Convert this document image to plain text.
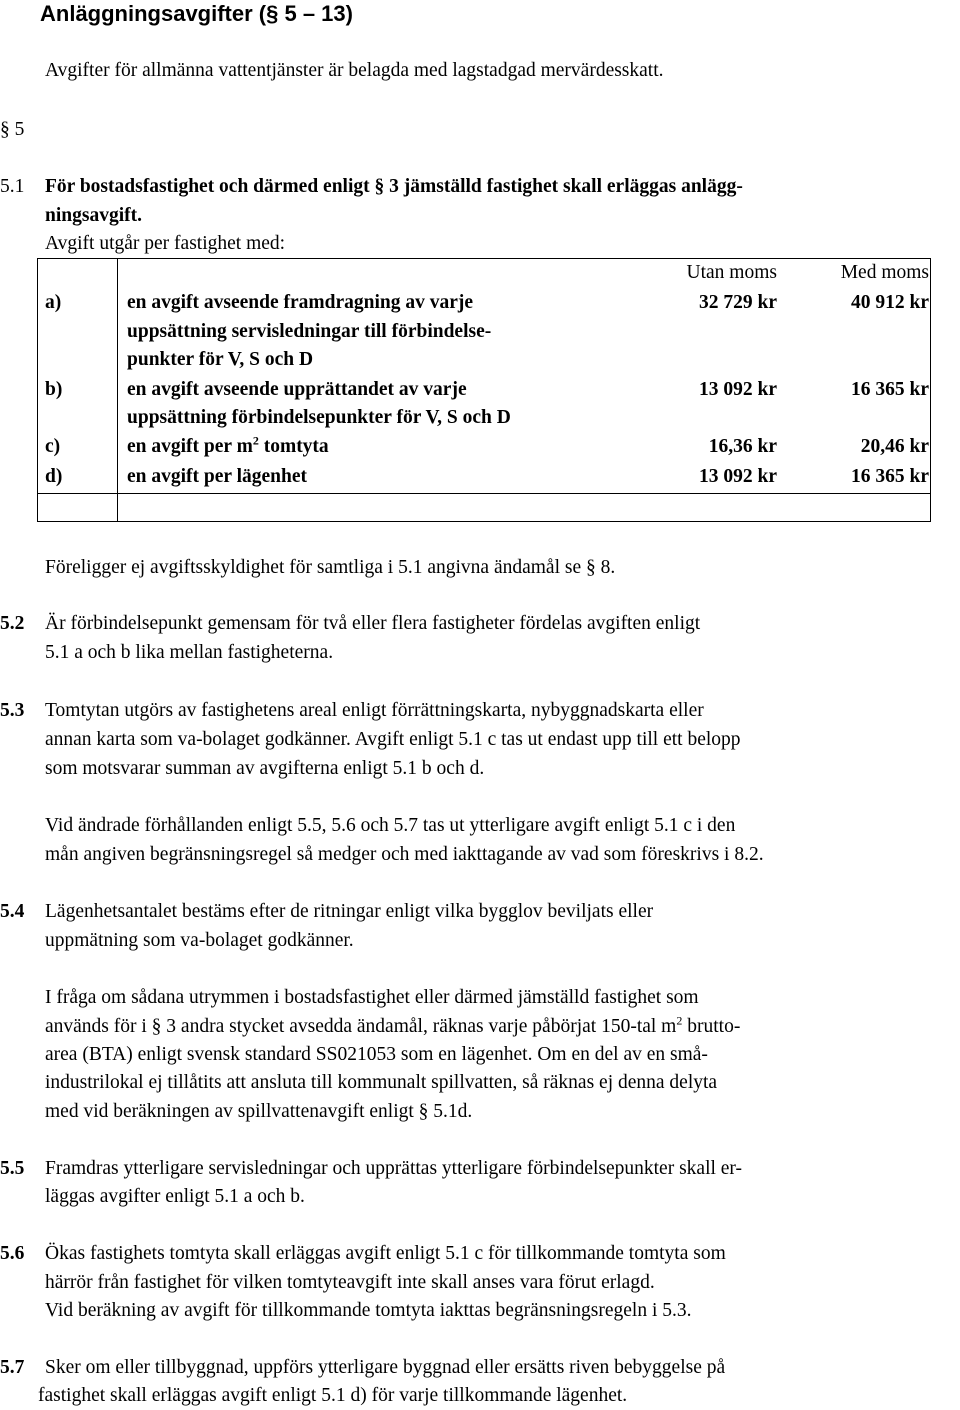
Anläggningsavgifter (§ 5 – 13)
Avgifter för allmänna vattentjänster är belagda med lagstadgad mervärdesskatt.
§ 5
5.1 För bostadsfastighet och därmed enligt § 3 jämställd fastighet skall erläggas anlägg-
ningsavgift.
Avgift utgår per fastighet med:
Utan moms	Med moms
a)	en avgift avseende framdragning av varje
uppsättning servisledningar till förbindelse-
punkter för V, S och D
32 729 kr	40 912 kr
b)	en avgift avseende upprättandet av varje
uppsättning förbindelsepunkter för V, S och D
13 092 kr	16 365 kr
c)	en avgift per $m^2$ tomtyta	16,36 kr	20,46 kr
d)	en avgift per lägenhet	13 092 kr	16 365 kr
Föreligger ej avgiftsskyldighet för samtliga i 5.1 angivna ändamål se § 8.
5.2 Är förbindelsepunkt gemensam för två eller flera fastigheter fördelas avgiften enligt
5.1 a och b lika mellan fastigheterna.
5.3 Tomtytan utgörs av fastighetens areal enligt förrättningskarta, nybyggnadskarta eller
annan karta som va-bolaget godkänner. Avgift enligt 5.1 c tas ut endast upp till ett belopp
som motsvarar summan av avgifterna enligt 5.1 b och d.
Vid ändrade förhållanden enligt 5.5, 5.6 och 5.7 tas ut ytterligare avgift enligt 5.1 c i den
mån angiven begränsningsregel så medger och med iakttagande av vad som föreskrivs i 8.2.
5.4 Lägenhetsantalet bestäms efter de ritningar enligt vilka bygglov beviljats eller
uppmätning som va-bolaget godkänner.
I fråga om sådana utrymmen i bostadsfastighet eller därmed jämställd fastighet som
används för i § 3 andra stycket avsedda ändamål, räknas varje påbörjat 150-tal $m^2$ brutto-
area (BTA) enligt svensk standard SS021053 som en lägenhet. Om en del av en små-
industrilokal ej tillåtits att ansluta till kommunalt spillvatten, så räknas ej denna delyta
med vid beräkningen av spillvattenavgift enligt § 5.1d.
5.5 Framdras ytterligare servisledningar och upprättas ytterligare förbindelsepunkter skall er-
läggas avgifter enligt 5.1 a och b.
5.6 Ökas fastighets tomtyta skall erläggas avgift enligt 5.1 c för tillkommande tomtyta som
härrör från fastighet för vilken tomtyteavgift inte skall anses vara förut erlagd.
Vid beräkning av avgift för tillkommande tomtyta iakttas begränsningsregeln i 5.3.
5.7 Sker om eller tillbyggnad, uppförs ytterligare byggnad eller ersätts riven bebyggelse på
fastighet skall erläggas avgift enligt 5.1 d) för varje tillkommande lägenhet.
